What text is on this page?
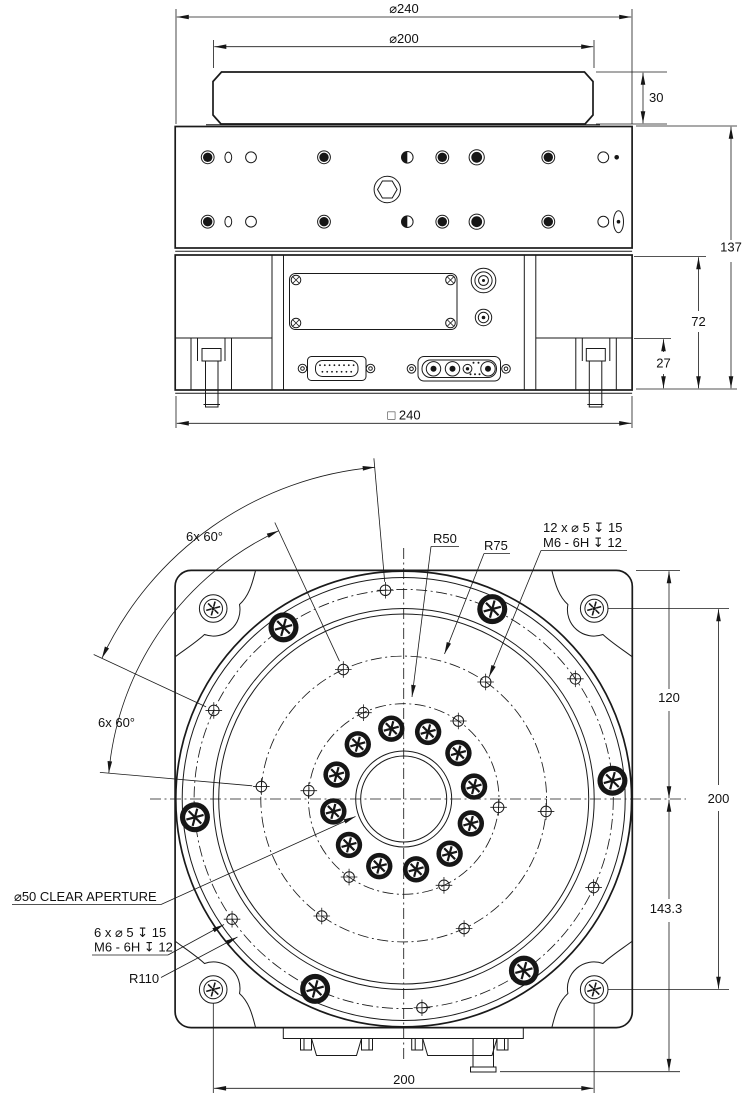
⌀240
⌀200
30
137
72
27
□ 240
120
143.3
200
200
6x 60°
6x 60°
R50 R75
12 x ⌀ 5 ↧ 15
M6 - 6H ↧ 12
⌀50 CLEAR APERTURE
6 x ⌀ 5 ↧ 15
M6 - 6H ↧ 12
R110
